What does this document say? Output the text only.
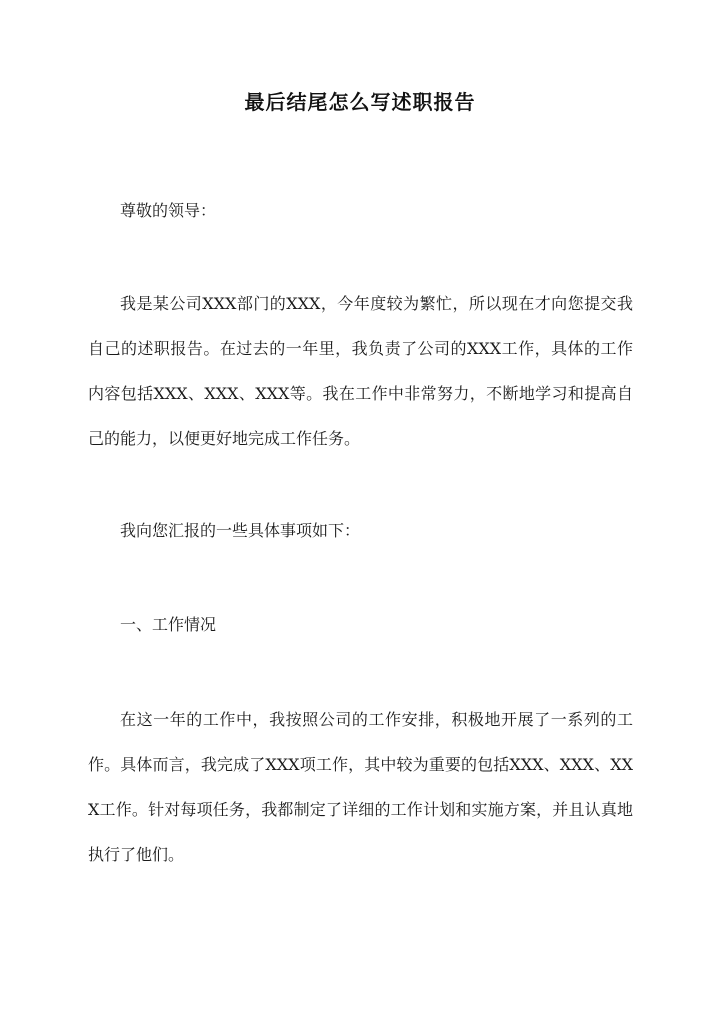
最后结尾怎么写述职报告

尊敬的领导：

我是某公司XXX部门的XXX，今年度较为繁忙，所以现在才向您提交我自己的述职报告。在过去的一年里，我负责了公司的XXX工作，具体的工作内容包括XXX、XXX、XXX等。我在工作中非常努力，不断地学习和提高自己的能力，以便更好地完成工作任务。

我向您汇报的一些具体事项如下：

一、工作情况

在这一年的工作中，我按照公司的工作安排，积极地开展了一系列的工作。具体而言，我完成了XXX项工作，其中较为重要的包括XXX、XXX、XXX工作。针对每项任务，我都制定了详细的工作计划和实施方案，并且认真地执行了他们。
